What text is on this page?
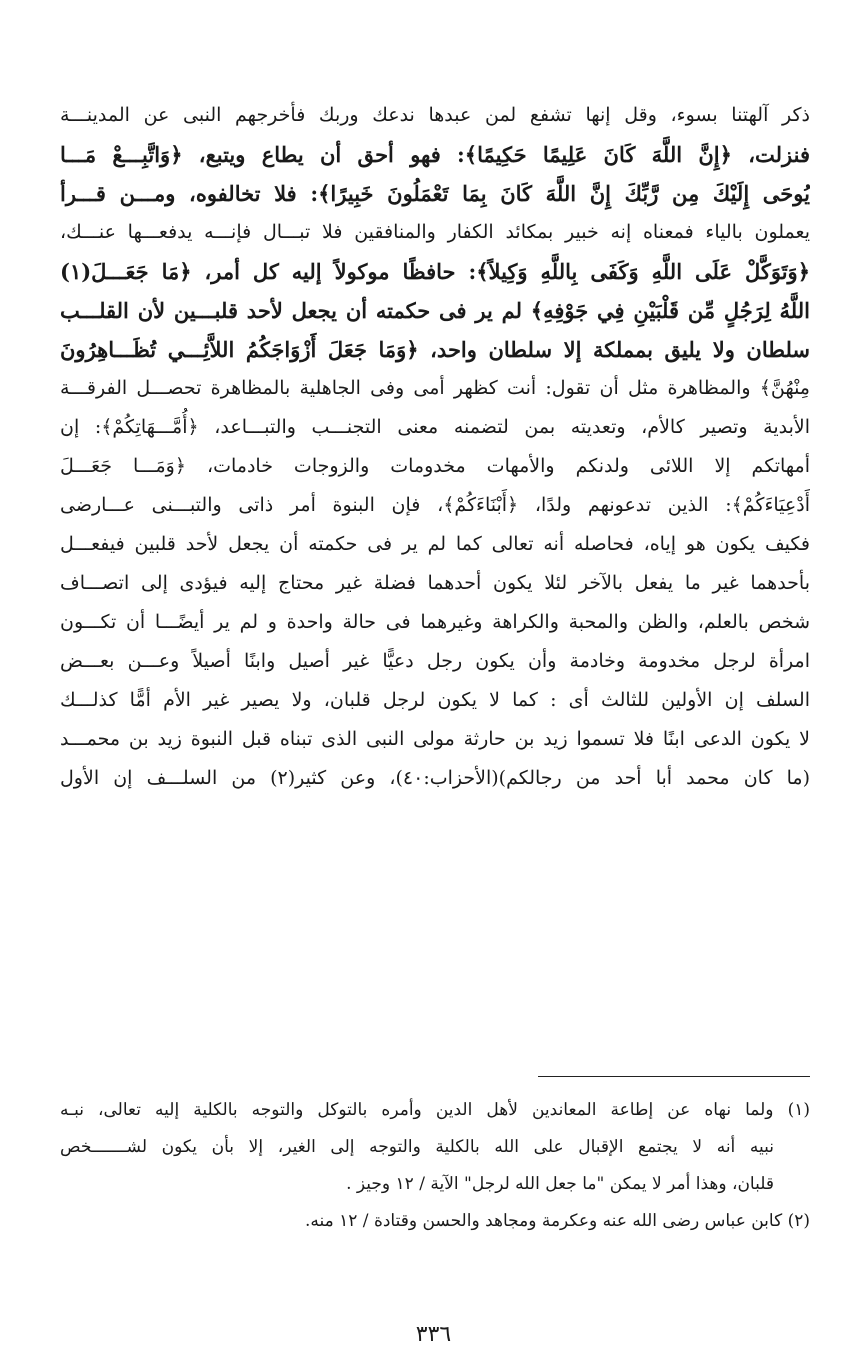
ذكر آلهتنا بسوء، وقل إنها تشفع لمن عبدها ندعك وربك فأخرجهم النبى عن المدينـــة
فنزلت، ﴿إِنَّ اللَّهَ كَانَ عَلِيمًا حَكِيمًا﴾: فهو أحق أن يطاع ويتبع، ﴿وَاتَّبِـــعْ مَـــا
يُوحَى إِلَيْكَ مِن رَّبِّكَ إِنَّ اللَّهَ كَانَ بِمَا تَعْمَلُونَ خَبِيرًا﴾: فلا تخالفوه، ومـــن قـــرأ
يعملون بالياء فمعناه إنه خبير بمكائد الكفار والمنافقين فلا تبـــال فإنـــه يدفعـــها عنـــك،
﴿وَتَوَكَّلْ عَلَى اللَّهِ وَكَفَى بِاللَّهِ وَكِيلاً﴾: حافظًا موكولاً إليه كل أمر، ﴿مَا جَعَـــلَ(١)
اللَّهُ لِرَجُلٍ مِّن قَلْبَيْنِ فِي جَوْفِهِ﴾ لم ير فى حكمته أن يجعل لأحد قلبـــين لأن القلـــب
سلطان ولا يليق بمملكة إلا سلطان واحد، ﴿وَمَا جَعَلَ أَزْوَاجَكُمُ اللاَّئِـــي تُظَـــاهِرُونَ
مِنْهُنَّ﴾ والمظاهرة مثل أن تقول: أنت كظهر أمى وفى الجاهلية بالمظاهرة تحصـــل الفرقـــة
الأبدية وتصير كالأم، وتعديته بمن لتضمنه معنى التجنـــب والتبـــاعد، ﴿أُمَّـــهَاتِكُمْ﴾: إن
أمهاتكم إلا اللائى ولدنكم والأمهات مخدومات والزوجات خادمات، ﴿وَمَـــا جَعَـــلَ
أَدْعِيَاءَكُمْ﴾: الذين تدعونهم ولدًا، ﴿أَبْنَاءَكُمْ﴾، فإن البنوة أمر ذاتى والتبـــنى عـــارضى
فكيف يكون هو إياه، فحاصله أنه تعالى كما لم ير فى حكمته أن يجعل لأحد قلبين فيفعـــل
بأحدهما غير ما يفعل بالآخر لئلا يكون أحدهما فضلة غير محتاج إليه فيؤدى إلى اتصـــاف
شخص بالعلم، والظن والمحبة والكراهة وغيرهما فى حالة واحدة و لم ير أيضًـــا أن تكـــون
امرأة لرجل مخدومة وخادمة وأن يكون رجل دعيًّا غير أصيل وابنًا أصيلاً وعـــن بعـــض
السلف إن الأولين للثالث أى : كما لا يكون لرجل قلبان، ولا يصير غير الأم أمًّا كذلـــك
لا يكون الدعى ابنًا فلا تسموا زيد بن حارثة مولى النبى الذى تبناه قبل النبوة زيد بن محمـــد
(ما كان محمد أبا أحد من رجالكم)(الأحزاب:٤٠)، وعن كثير(٢) من السلـــف إن الأول

(١) ولما نهاه عن إطاعة المعاندين لأهل الدين وأمره بالتوكل والتوجه بالكلية إليه تعالى، نبـه
نبيه أنه لا يجتمع الإقبال على الله بالكلية والتوجه إلى الغير، إلا بأن يكون لشـــــــخص
قلبان، وهذا أمر لا يمكن "ما جعل الله لرجل" الآية / ١٢ وجيز .

(٢) كابن عباس رضى الله عنه وعكرمة ومجاهد والحسن وقتادة / ١٢ منه.

٣٣٦
